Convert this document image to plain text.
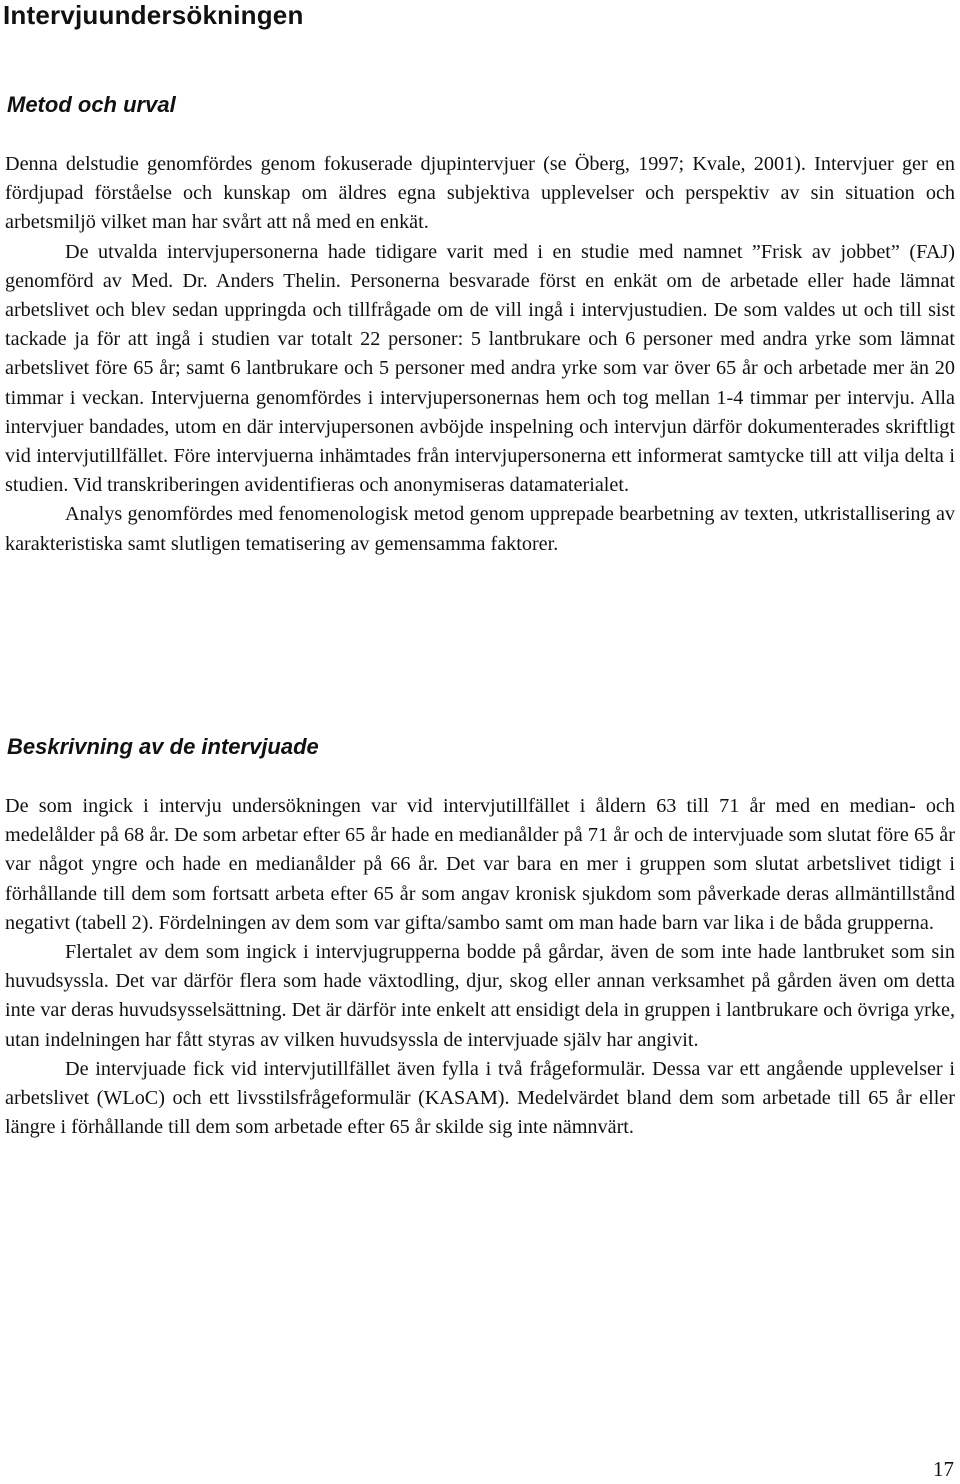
Intervjuundersökningen
Metod och urval

Denna delstudie genomfördes genom fokuserade djupintervjuer (se Öberg, 1997; Kvale, 2001). Intervjuer ger en fördjupad förståelse och kunskap om äldres egna subjektiva upplevelser och perspektiv av sin situation och arbetsmiljö vilket man har svårt att nå med en enkät.

De utvalda intervjupersonerna hade tidigare varit med i en studie med namnet ”Frisk av jobbet” (FAJ) genomförd av Med. Dr. Anders Thelin. Personerna besvarade först en enkät om de arbetade eller hade lämnat arbetslivet och blev sedan uppringda och tillfrågade om de vill ingå i intervjustudien. De som valdes ut och till sist tackade ja för att ingå i studien var totalt 22 personer: 5 lantbrukare och 6 personer med andra yrke som lämnat arbetslivet före 65 år; samt 6 lantbrukare och 5 personer med andra yrke som var över 65 år och arbetade mer än 20 timmar i veckan. Intervjuerna genomfördes i intervjupersonernas hem och tog mellan 1-4 timmar per intervju. Alla intervjuer bandades, utom en där intervjupersonen avböjde inspelning och intervjun därför dokumenterades skriftligt vid intervjutillfället. Före intervjuerna inhämtades från intervjupersonerna ett informerat samtycke till att vilja delta i studien. Vid transkriberingen avidentifieras och anonymiseras datamaterialet.

Analys genomfördes med fenomenologisk metod genom upprepade bearbetning av texten, utkristallisering av karakteristiska samt slutligen tematisering av gemensamma faktorer.

Beskrivning av de intervjuade

De som ingick i intervju undersökningen var vid intervjutillfället i åldern 63 till 71 år med en median- och medelålder på 68 år. De som arbetar efter 65 år hade en medianålder på 71 år och de intervjuade som slutat före 65 år var något yngre och hade en medianålder på 66 år. Det var bara en mer i gruppen som slutat arbetslivet tidigt i förhållande till dem som fortsatt arbeta efter 65 år som angav kronisk sjukdom som påverkade deras allmäntillstånd negativt (tabell 2). Fördelningen av dem som var gifta/sambo samt om man hade barn var lika i de båda grupperna.

Flertalet av dem som ingick i intervjugrupperna bodde på gårdar, även de som inte hade lantbruket som sin huvudsyssla. Det var därför flera som hade växtodling, djur, skog eller annan verksamhet på gården även om detta inte var deras huvudsysselsättning. Det är därför inte enkelt att ensidigt dela in gruppen i lantbrukare och övriga yrke, utan indelningen har fått styras av vilken huvudsyssla de intervjuade själv har angivit.

De intervjuade fick vid intervjutillfället även fylla i två frågeformulär. Dessa var ett angående upplevelser i arbetslivet (WLoC) och ett livsstilsfrågeformulär (KASAM). Medelvärdet bland dem som arbetade till 65 år eller längre i förhållande till dem som arbetade efter 65 år skilde sig inte nämnvärt.

17
